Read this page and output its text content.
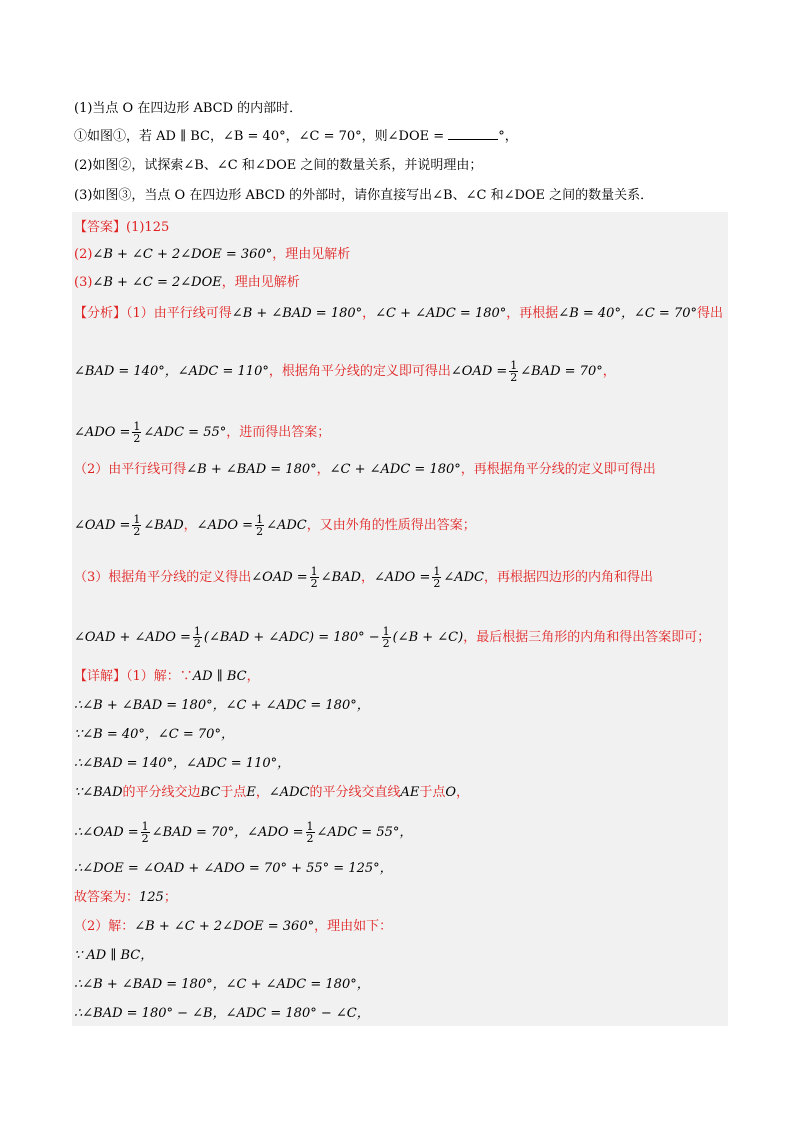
(1)当点 O 在四边形 ABCD 的内部时．
①如图①，若 AD ∥ BC，∠B = 40°，∠C = 70°，则∠DOE =	°，
(2)如图②，试探索∠B、∠C 和∠DOE 之间的数量关系，并说明理由；
(3)如图③，当点 O 在四边形 ABCD 的外部时，请你直接写出∠B、∠C 和∠DOE 之间的数量关系．
【答案】(1)125
(2)∠B + ∠C + 2∠DOE = 360°，理由见解析
(3)∠B + ∠C = 2∠DOE，理由见解析
【分析】（1）由平行线可得∠B + ∠BAD = 180°，∠C + ∠ADC = 180°，再根据∠B = 40°，∠C = 70°得出
∠BAD = 140°，∠ADC = 110°，根据角平分线的定义即可得出∠OAD = $\frac{1}{2}$ ∠BAD = 70°，
∠ADO = $\frac{1}{2}$ ∠ADC = 55°，进而得出答案；
（2）由平行线可得∠B + ∠BAD = 180°，∠C + ∠ADC = 180°，再根据角平分线的定义即可得出
∠OAD = $\frac{1}{2}$ ∠BAD，∠ADO = $\frac{1}{2}$ ∠ADC，又由外角的性质得出答案；
（3）根据角平分线的定义得出∠OAD = $\frac{1}{2}$ ∠BAD，∠ADO = $\frac{1}{2}$ ∠ADC，再根据四边形的内角和得出
∠OAD + ∠ADO = $\frac{1}{2}$ (∠BAD + ∠ADC) = $180^\circ - \frac{1}{2}$ (∠B + ∠C)，最后根据三角形的内角和得出答案即可；
【详解】（1）解：∵AD ∥ BC，
∴∠B + ∠BAD = 180°，∠C + ∠ADC = 180°，
∵∠B = 40°，∠C = 70°，
∴∠BAD = 140°，∠ADC = 110°，
∵∠BAD的平分线交边BC于点E，∠ADC的平分线交直线AE于点O，
∴∠OAD = $\frac{1}{2}$ ∠BAD = 70°，∠ADO = $\frac{1}{2}$ ∠ADC = 55°，
∴∠DOE = ∠OAD + ∠ADO = 70° + 55° = 125°，
故答案为：125；
（2）解：∠B + ∠C + 2∠DOE = 360°，理由如下：
∵ AD ∥ BC，
∴∠B + ∠BAD = 180°，∠C + ∠ADC = 180°，
∴∠BAD = 180° − ∠B，∠ADC = 180° − ∠C，
